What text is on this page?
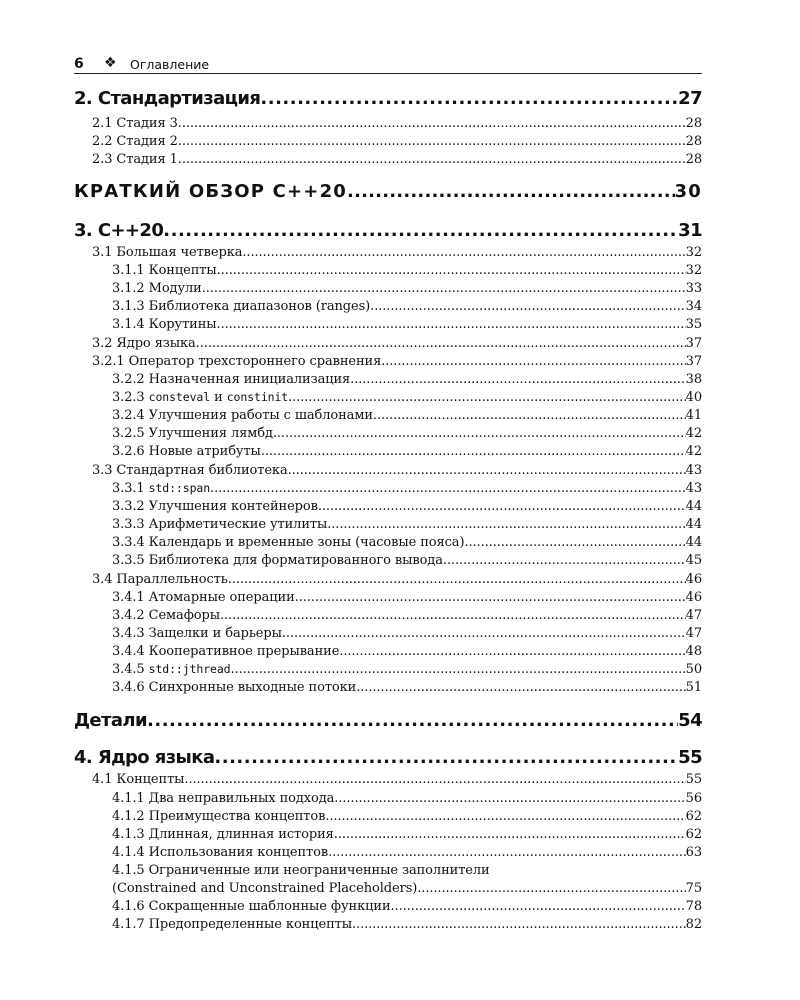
6 ❖ Оглавление
2. Стандартизация .....	27
2.1 Стадия 3 .....	28
2.2 Стадия 2 .....	28
2.3 Стадия 1 .....	28
КРАТКИЙ ОБЗОР С++20 .....	30
3. С++20 .....	31
3.1 Большая четверка .....	32
3.1.1 Концепты .....	32
3.1.2 Модули .....	33
3.1.3 Библиотека диапазонов (ranges) .....	34
3.1.4 Корутины .....	35
3.2 Ядро языка .....	37
3.2.1 Оператор трехстороннего сравнения .....	37
3.2.2 Назначенная инициализация .....	38
3.2.3 consteval и constinit .....	40
3.2.4 Улучшения работы с шаблонами .....	41
3.2.5 Улучшения лямбд .....	42
3.2.6 Новые атрибуты .....	42
3.3 Стандартная библиотека .....	43
3.3.1 std::span .....	43
3.3.2 Улучшения контейнеров .....	44
3.3.3 Арифметические утилиты .....	44
3.3.4 Календарь и временные зоны (часовые пояса) .....	44
3.3.5 Библиотека для форматированного вывода .....	45
3.4 Параллельность .....	46
3.4.1 Атомарные операции .....	46
3.4.2 Семафоры .....	47
3.4.3 Защелки и барьеры .....	47
3.4.4 Кооперативное прерывание .....	48
3.4.5 std::jthread .....	50
3.4.6 Синхронные выходные потоки .....	51
Детали .....	54
4. Ядро языка .....	55
4.1 Концепты .....	55
4.1.1 Два неправильных подхода .....	56
4.1.2 Преимущества концептов .....	62
4.1.3 Длинная, длинная история .....	62
4.1.4 Использования концептов .....	63
4.1.5 Ограниченные или неограниченные заполнители
(Constrained and Unconstrained Placeholders) .....	75
4.1.6 Сокращенные шаблонные функции .....	78
4.1.7 Предопределенные концепты .....	82
